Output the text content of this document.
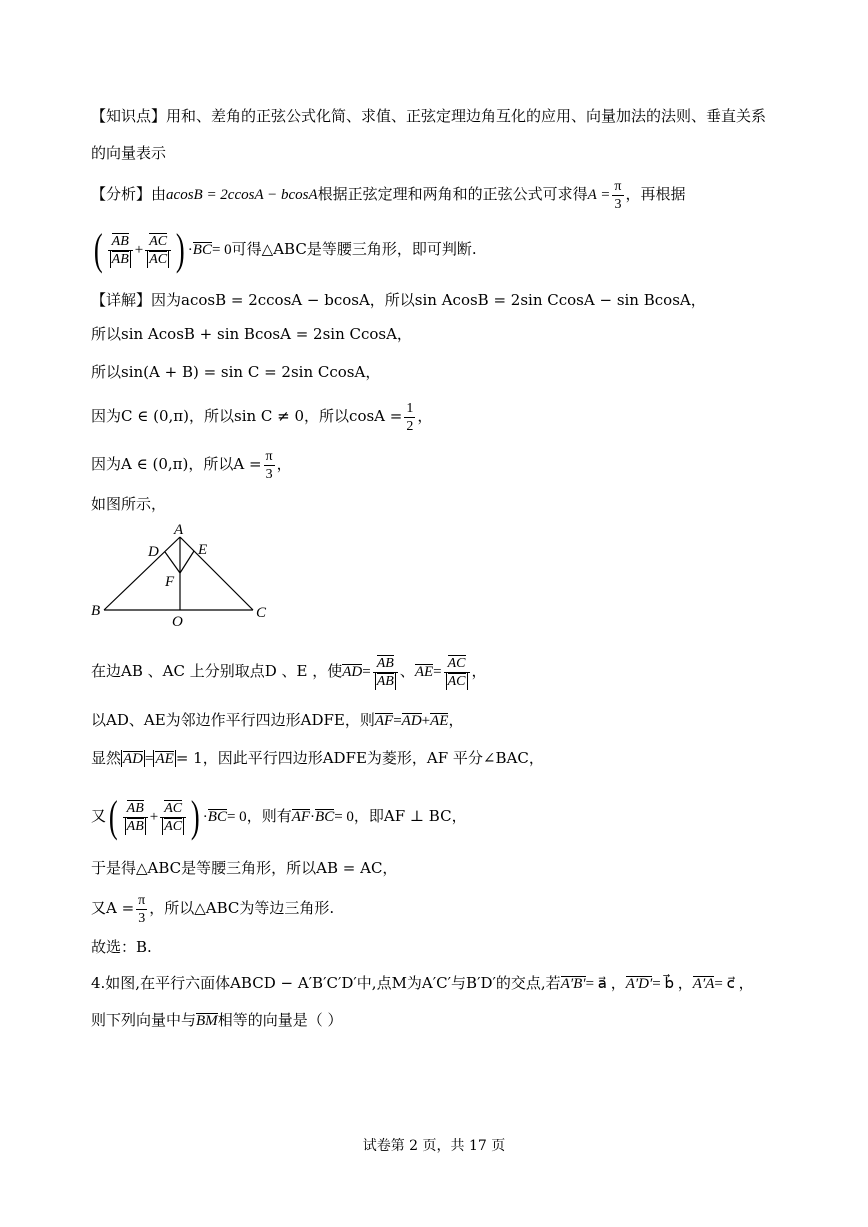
【知识点】用和、差角的正弦公式化简、求值、正弦定理边角互化的应用、向量加法的法则、垂直关系
的向量表示
【分析】由acosB = 2ccosA − bcosA根据正弦定理和两角和的正弦公式可求得$A = \frac{\pi}{3}$ ，再根据
( $\frac{AB}{AB} + \frac{AC}{AC}$ ) ·BC= 0可得△ABC是等腰三角形，即可判断.
【详解】因为acosB = 2ccosA − bcosA，所以sin AcosB = 2sin CcosA − sin BcosA，
所以sin AcosB + sin BcosA = 2sin CcosA，
所以sin(A + B) = sin C = 2sin CcosA，
因为C ∈ (0,π)，所以sin C ≠ 0，所以$\cos A = \frac{1}{2}$ ，
因为A ∈ (0,π)，所以$A = \frac{\pi}{3}$ ，
如图所示，
A
D	E
F
B
O
C
在边AB 、AC 上分别取点D 、E ，使$AD= \frac{AB}{AB}$ 、$AE= \frac{AC}{AC}$ ，
以AD、AE为邻边作平行四边形ADFE，则AF=AD+AE，
显然 AD = AE = 1，因此平行四边形ADFE为菱形，AF 平分∠BAC，
又( $\frac{AB}{AB} + \frac{AC}{AC}$ ) ·BC= 0，则有AF·BC= 0，即AF ⊥ BC，
于是得△ABC是等腰三角形，所以AB = AC，
又$A = \frac{\pi}{3}$ ，所以△ABC为等边三角形.
故选：B.
4.如图,在平行六面体ABCD − A′B′C′D′中,点M为A′C′与B′D′的交点,若A′B′= a⃗ ，A′D′= b⃗ ，A′A= c⃗ ，
则下列向量中与BM相等的向量是（ ）
试卷第 2 页，共 17 页
